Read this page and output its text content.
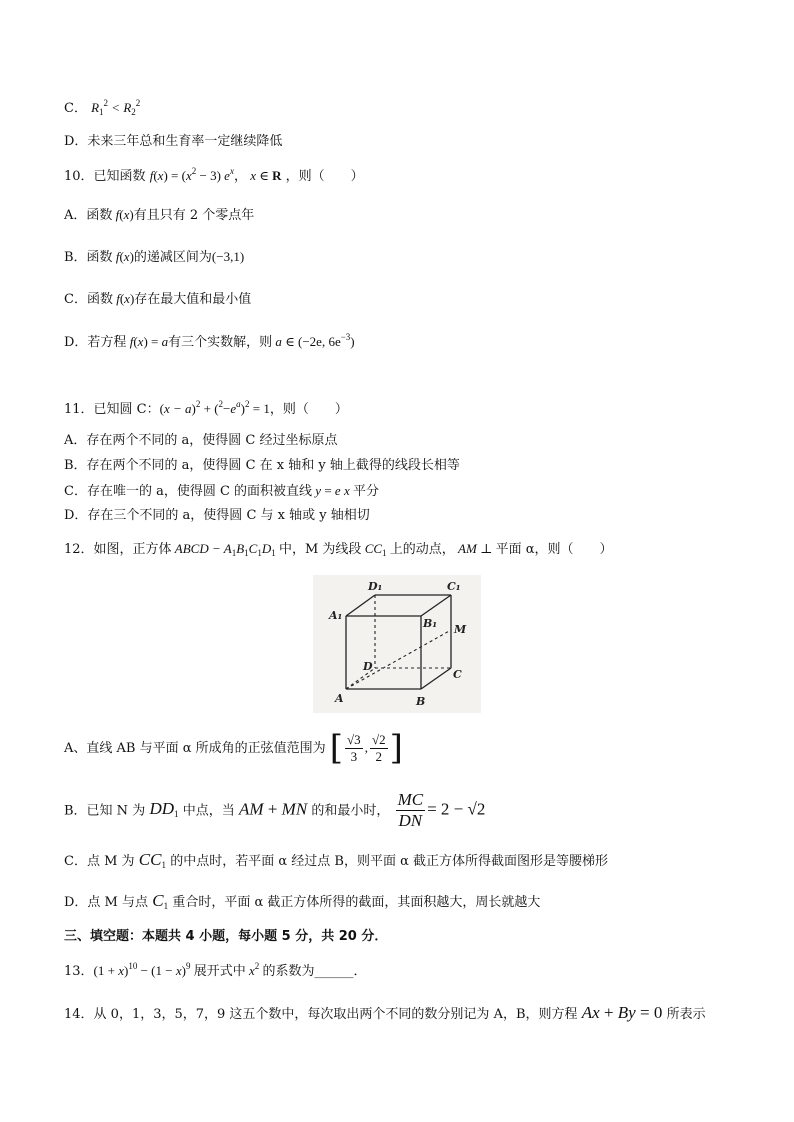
C． $R_1^2 < R_2^2$
D．未来三年总和生育率一定继续降低
10．已知函数 $f(x) = (x^2 - 3)$ $e^x$， x ∈ R ，则（　　）
A．函数 f(x)有且只有 2 个零点年
B．函数 f(x)的递减区间为(−3,1)
C．函数 f(x)存在最大值和最小值
D．若方程 f(x) = a有三个实数解，则 a ∈ (−2e, $6e^{-3}$)
11．已知圆 C：$(x - a)^2 + (^2-e^a)^2 = 1$，则（　　）
A．存在两个不同的 a，使得圆 C 经过坐标原点
B．存在两个不同的 a，使得圆 C 在 x 轴和 y 轴上截得的线段长相等
C．存在唯一的 a，使得圆 C 的面积被直线 y = e x 平分
D．存在三个不同的 a，使得圆 C 与 x 轴或 y 轴相切
12．如图，正方体 ABCD − $A_1B_1C_1D_1$ 中，M 为线段 $CC_1$ 上的动点， AM ⊥ 平面 α，则（　　）
A	B
C
D
A₁
B₁
C₁
D₁
M
A、直线 AB 与平面 α 所成角的正弦值范围为 [ $\frac{√3}{3}$ , $\frac{√2}{2}$ ]
B．已知 N 为 $DD_1$ 中点，当 AM + MN 的和最小时， $\frac{MC}{DN} = 2 - √2$
C．点 M 为 $CC_1$ 的中点时，若平面 α 经过点 B，则平面 α 截正方体所得截面图形是等腰梯形
D．点 M 与点 $C_1$ 重合时，平面 α 截正方体所得的截面，其面积越大，周长就越大
三、填空题：本题共 4 小题，每小题 5 分，共 20 分．
13．$(1 + x)^{10} - (1 - x)^9$ 展开式中 $x^2$ 的系数为______．
14．从 0，1，3，5，7，9 这五个数中，每次取出两个不同的数分别记为 A，B，则方程 Ax + By = 0 所表示
